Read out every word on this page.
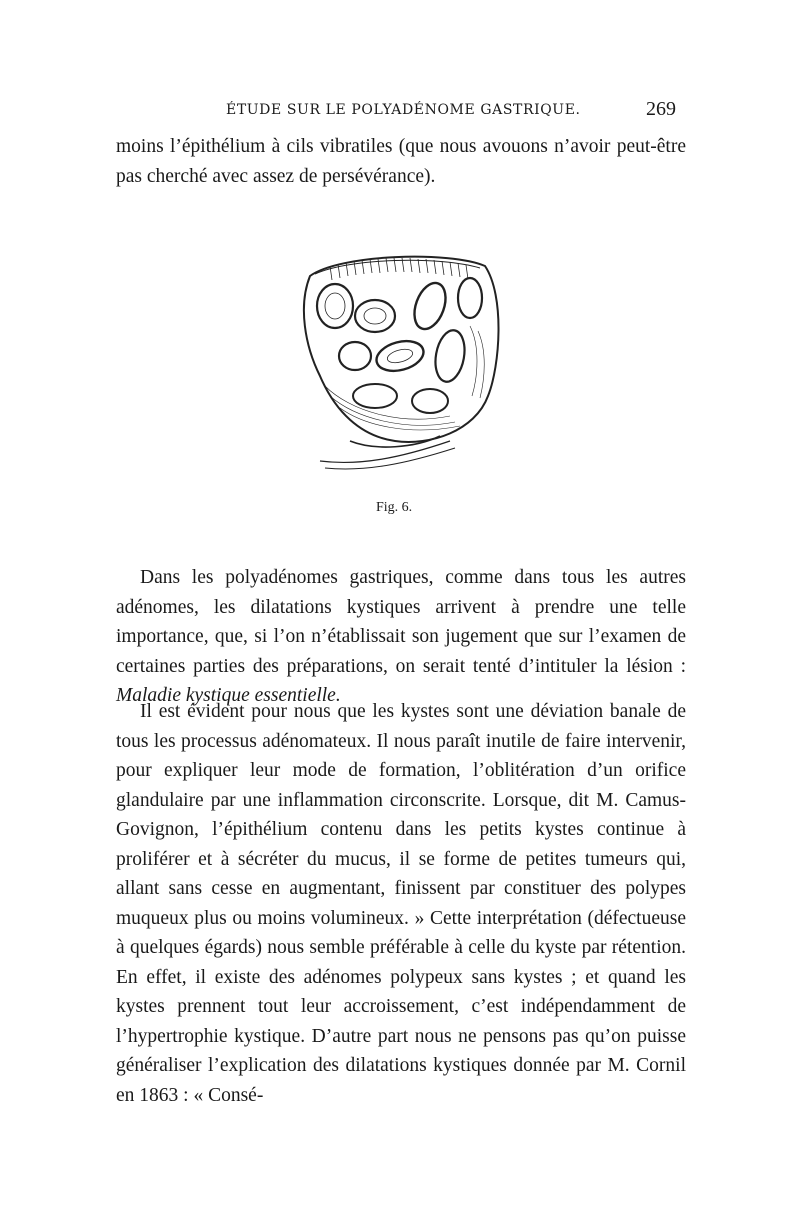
ÉTUDE SUR LE POLYADÉNOME GASTRIQUE.	269

moins l’épithélium à cils vibratiles (que nous avouons n’avoir peut-être pas cherché avec assez de persévérance).

Fig. 6.

Dans les polyadénomes gastriques, comme dans tous les autres adénomes, les dilatations kystiques arrivent à prendre une telle importance, que, si l’on n’établissait son jugement que sur l’examen de certaines parties des préparations, on serait tenté d’intituler la lésion : Maladie kystique essentielle.

Il est évident pour nous que les kystes sont une déviation banale de tous les processus adénomateux. Il nous paraît inutile de faire intervenir, pour expliquer leur mode de formation, l’oblitération d’un orifice glandulaire par une inflammation circonscrite. Lorsque, dit M. Camus-Govignon, l’épithélium contenu dans les petits kystes continue à proliférer et à sécréter du mucus, il se forme de petites tumeurs qui, allant sans cesse en augmentant, finissent par constituer des polypes muqueux plus ou moins volumineux. » Cette interprétation (défectueuse à quelques égards) nous semble préférable à celle du kyste par rétention. En effet, il existe des adénomes polypeux sans kystes ; et quand les kystes prennent tout leur accroissement, c’est indépendamment de l’hypertrophie kystique. D’autre part nous ne pensons pas qu’on puisse généraliser l’explication des dilatations kystiques donnée par M. Cornil en 1863 : « Consé-
